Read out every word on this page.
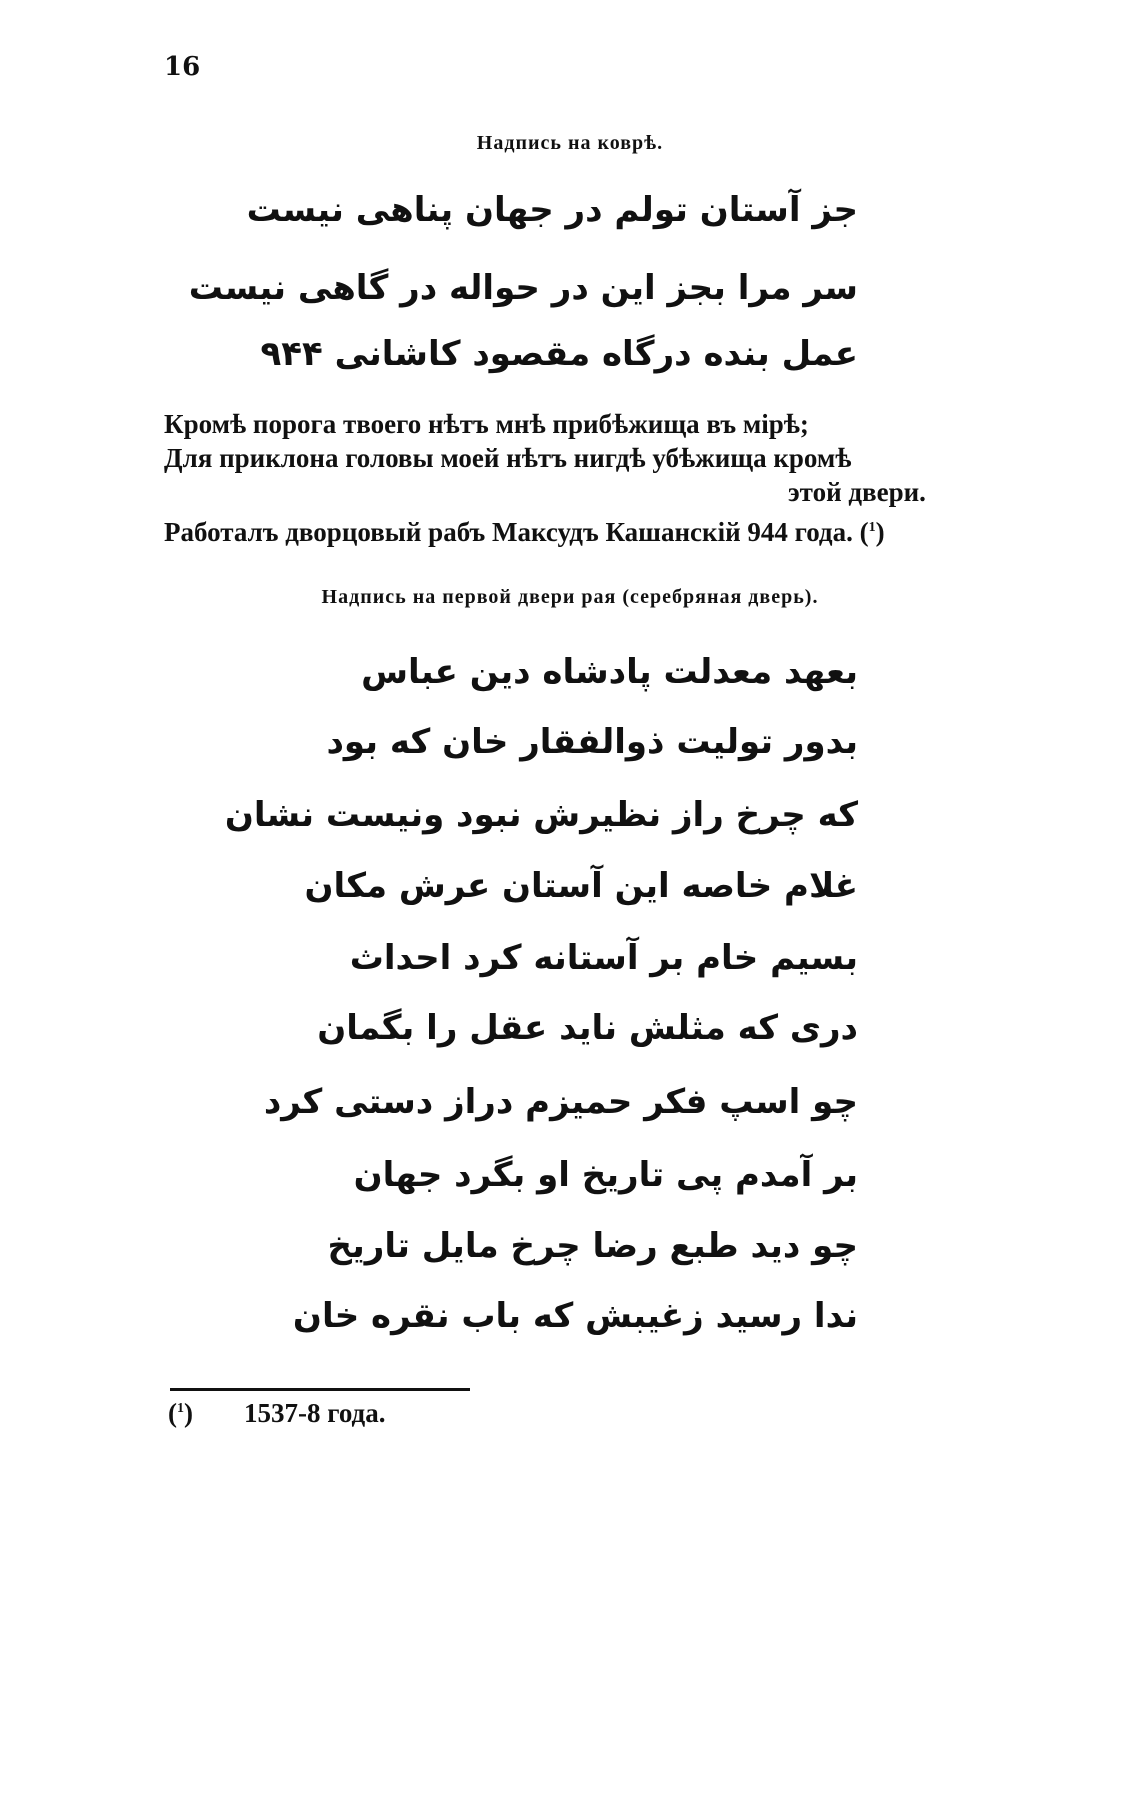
16
Надпись на коврѣ.
جز آستان تولم در جهان پناهی نیست
سر مرا بجز این در حواله در گاهی نیست
عمل بنده درگاه مقصود کاشانی ۹۴۴
Кромѣ порога твоего нѣтъ мнѣ прибѣжища въ мірѣ;
Для приклона головы моей нѣтъ нигдѣ убѣжища кромѣ
этой двери.
Работалъ дворцовый рабъ Максудъ Кашанскій 944 года. ($^1$)
Надпись на первой двери рая (серебряная дверь).
بعهد معدلت پادشاه دین عباس
بدور تولیت ذوالفقار خان که بود
که چرخ راز نظیرش نبود ونیست نشان
غلام خاصه این آستان عرش مکان
بسیم خام بر آستانه کرد احداث
دری که مثلش ناید عقل را بگمان
چو اسپ فکر حمیزم دراز دستی کرد
بر آمدم پی تاریخ او بگرد جهان
چو دید طبع رضا چرخ مایل تاریخ
ندا رسید زغیبش که باب نقره خان
($^1$) 1537-8 года.
